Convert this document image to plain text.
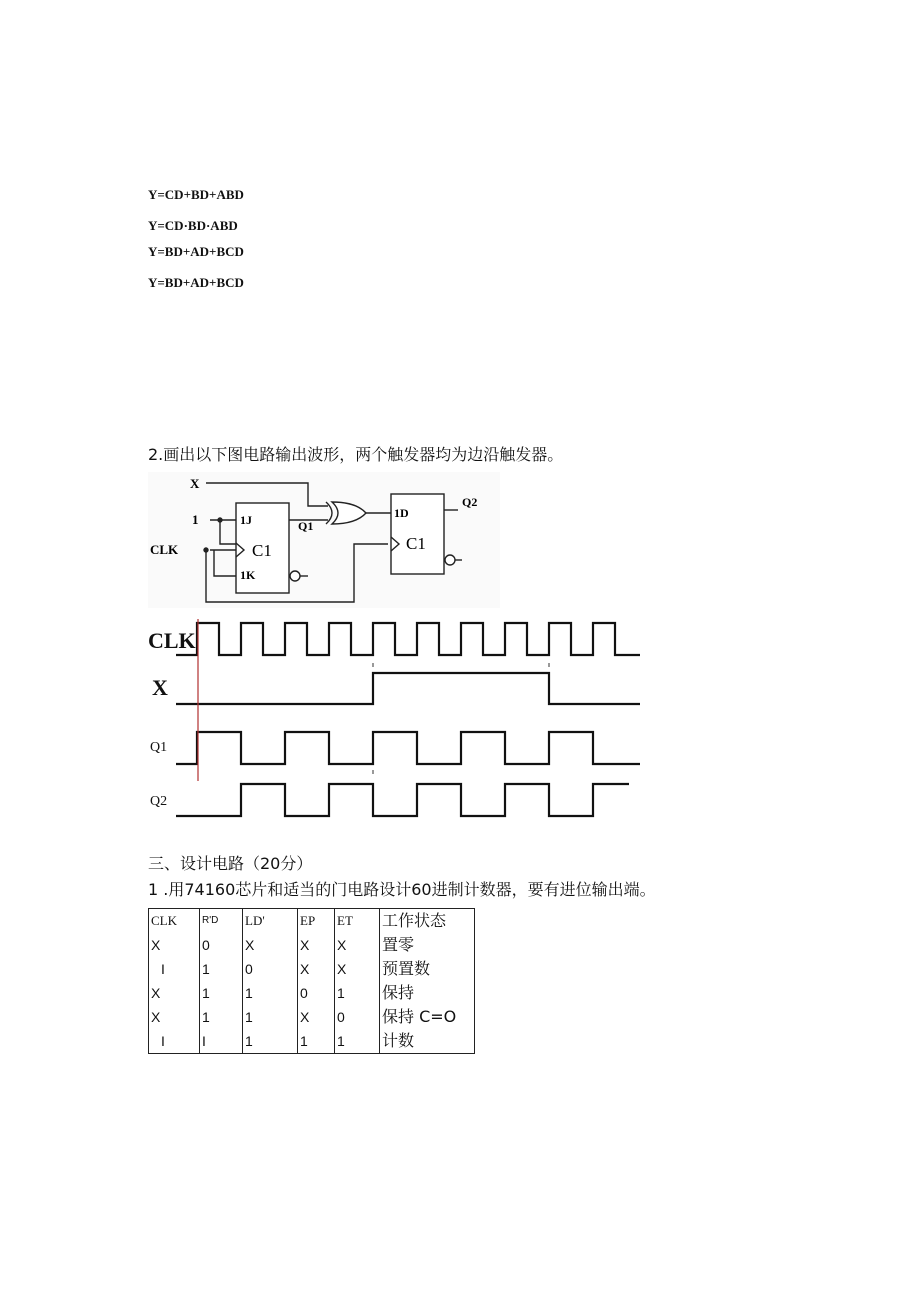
Y=CD+BD+ABD
Y=CD·BD·ABD
Y=BD+AD+BCD
Y=BD+AD+BCD
2.画出以下图电路输出波形，两个触发器均为边沿触发器。
X
1
CLK
1J
C1
1K
Q1
1D
C1
Q2
CLK
X
Q1
Q2
三、设计电路（20分）
1 .用74160芯片和适当的门电路设计60进制计数器，要有进位输出端。
CLK	R'D	LD'	EP	ET	工作状态
X	0	X	X	X	置零
I	1	0	X	X	预置数
X	1	1	0	1	保持
X	1	1	X	0	保持 C=O
I	I	1	1	1	计数
